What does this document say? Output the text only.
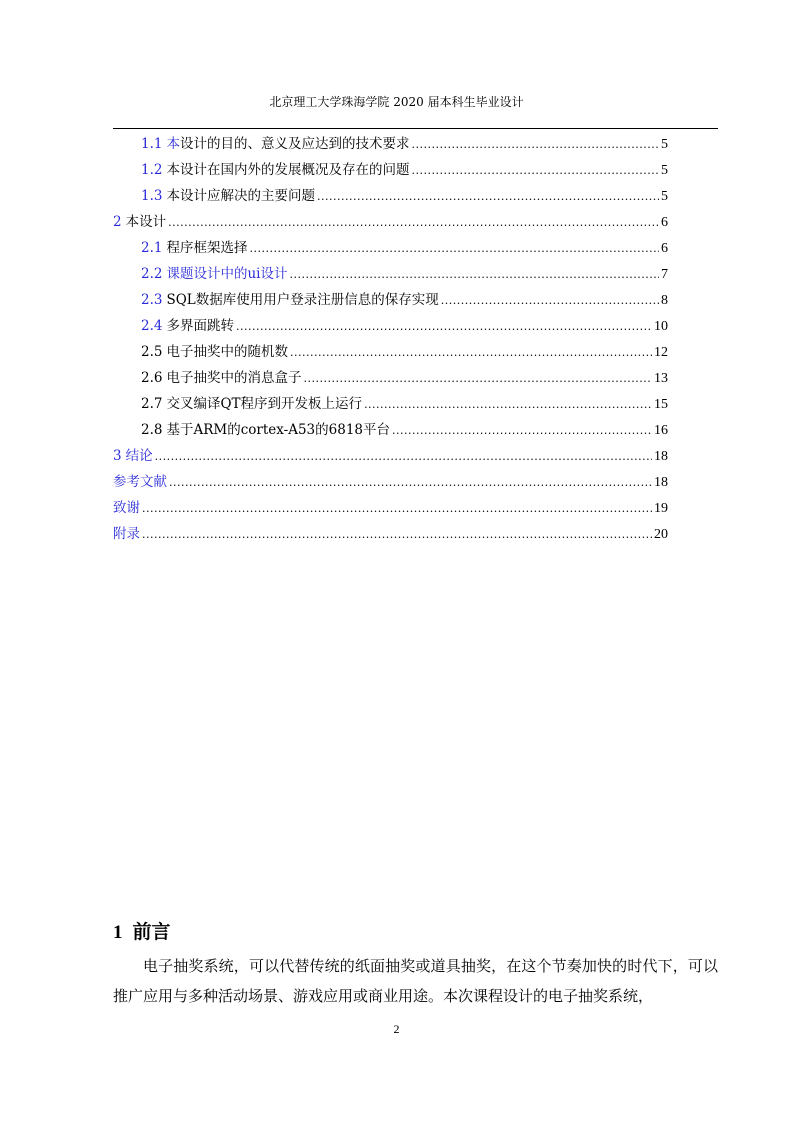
北京理工大学珠海学院 2020 届本科生毕业设计
1.1 本设计的目的、意义及应达到的技术要求 .....	5
1.2 本设计在国内外的发展概况及存在的问题 .....	5
1.3 本设计应解决的主要问题 .....	5
2 本设计 .....	6
2.1 程序框架选择 .....	6
2.2 课题设计中的ui设计 .....	7
2.3 SQL数据库使用用户登录注册信息的保存实现 .....	8
2.4 多界面跳转 .....	10
2.5 电子抽奖中的随机数 .....	12
2.6 电子抽奖中的消息盒子 .....	13
2.7 交叉编译QT程序到开发板上运行 .....	15
2.8 基于ARM的cortex-A53的6818平台 .....	16
3 结论 .....	18
参考文献 .....	18
致谢 .....	19
附录 .....	20
1 前言

电子抽奖系统，可以代替传统的纸面抽奖或道具抽奖，在这个节奏加快的时代下，可以推广应用与多种活动场景、游戏应用或商业用途。本次课程设计的电子抽奖系统，

2
